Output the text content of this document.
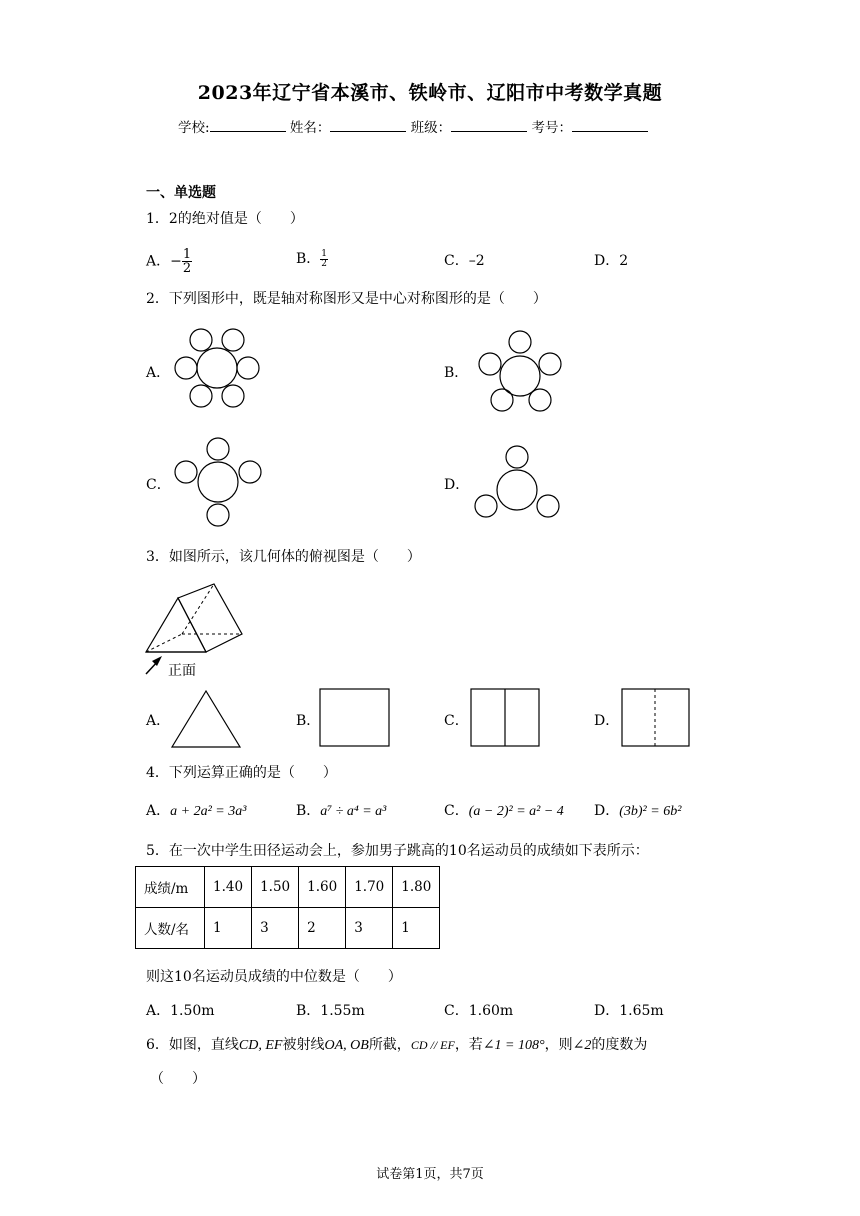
2023年辽宁省本溪市、铁岭市、辽阳市中考数学真题
学校:	姓名：	班级：	考号：
一、单选题
1．2的绝对值是（　　）
A．− $\frac{1}{2}$	B． $\frac{1}{2}$	C．–2	D．2
2．下列图形中，既是轴对称图形又是中心对称图形的是（　　）
A．	B．
C．	D．
3．如图所示，该几何体的俯视图是（　　）
正面
A．	B．	C．	D．
4．下列运算正确的是（　　）
A．a + 2a² = 3a³	B．a⁷ ÷ a⁴ = a³	C．(a − 2)² = a² − 4 D．(3b)² = 6b²
5．在一次中学生田径运动会上，参加男子跳高的10名运动员的成绩如下表所示：
成绩/m	1.40	1.50	1.60	1.70	1.80
人数/名	1	3	2	3	1
则这10名运动员成绩的中位数是（　　）
A．1.50m	B．1.55m	C．1.60m	D．1.65m
6．如图，直线CD, EF被射线OA, OB所截，CD // EF，若∠1 = 108°，则∠2的度数为
（　　）
试卷第1页，共7页
